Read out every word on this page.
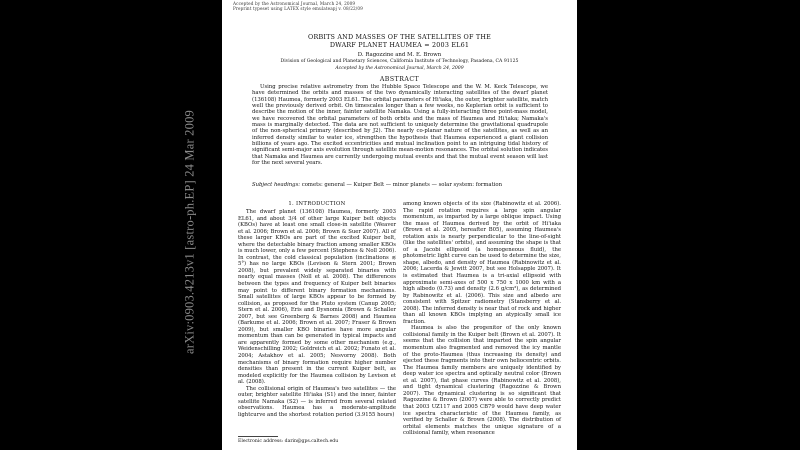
arXiv:0903.4213v1 [astro-ph.EP] 24 Mar 2009
Accepted by the Astronomical Journal, March 24, 2009
Preprint typeset using LATEX style emulateapj v. 08/22/09
ORBITS AND MASSES OF THE SATELLITES OF THE
DWARF PLANET HAUMEA = 2003 EL61
D. Ragozzine and M. E. Brown
Division of Geological and Planetary Sciences, California Institute of Technology, Pasadena, CA 91125
Accepted by the Astronomical Journal, March 24, 2009
ABSTRACT

Using precise relative astrometry from the Hubble Space Telescope and the W. M. Keck Telescope, we have determined the orbits and masses of the two dynamically interacting satellites of the dwarf planet (136108) Haumea, formerly 2003 EL61. The orbital parameters of Hi'iaka, the outer, brighter satellite, match well the previously derived orbit. On timescales longer than a few weeks, no Keplerian orbit is sufficient to describe the motion of the inner, fainter satellite Namaka. Using a fully-interacting three point-mass model, we have recovered the orbital parameters of both orbits and the mass of Haumea and Hi'iaka; Namaka's mass is marginally detected. The data are not sufficient to uniquely determine the gravitational quadrupole of the non-spherical primary (described by J2). The nearly co-planar nature of the satellites, as well as an inferred density similar to water ice, strengthen the hypothesis that Haumea experienced a giant collision billions of years ago. The excited eccentricities and mutual inclination point to an intriguing tidal history of significant semi-major axis evolution through satellite mean-motion resonances. The orbital solution indicates that Namaka and Haumea are currently undergoing mutual events and that the mutual event season will last for the next several years.

Subject headings: comets: general — Kuiper Belt — minor planets — solar system: formation
1. INTRODUCTION

The dwarf planet (136108) Haumea, formerly 2003 EL61, and about 3/4 of other large Kuiper belt objects (KBOs) have at least one small close-in satellite (Weaver et al. 2006; Brown et al. 2006; Brown & Suer 2007). All of these larger KBOs are part of the excited Kuiper belt, where the detectable binary fraction among smaller KBOs is much lower, only a few percent (Stephens & Noll 2006). In contrast, the cold classical population (inclinations ≲ 5°) has no large KBOs (Levison & Stern 2001; Brown 2008), but prevalent widely separated binaries with nearly equal masses (Noll et al. 2008). The differences between the types and frequency of Kuiper belt binaries may point to different binary formation mechanisms. Small satellites of large KBOs appear to be formed by collision, as proposed for the Pluto system (Canup 2005; Stern et al. 2006), Eris and Dysnomia (Brown & Schaller 2007, but see Greenberg & Barnes 2008) and Haumea (Barkume et al. 2006; Brown et al. 2007; Fraser & Brown 2009), but smaller KBO binaries have more angular momentum than can be generated in typical impacts and are apparently formed by some other mechanism (e.g., Weidenschilling 2002; Goldreich et al. 2002; Funato et al. 2004; Astakhov et al. 2005; Nesvorny 2008). Both mechanisms of binary formation require higher number densities than present in the current Kuiper belt, as modeled explicitly for the Haumea collision by Levison et al. (2008).

The collisional origin of Haumea's two satellites — the outer, brighter satellite Hi'iaka (S1) and the inner, fainter satellite Namaka (S2) — is inferred from several related observations. Haumea has a moderate-amplitude lightcurve and the shortest rotation period (3.9155 hours)

among known objects of its size (Rabinowitz et al. 2006). The rapid rotation requires a large spin angular momentum, as imparted by a large oblique impact. Using the mass of Haumea derived by the orbit of Hi'iaka (Brown et al. 2005, hereafter B05), assuming Haumea's rotation axis is nearly perpendicular to the line-of-sight (like the satellites' orbits), and assuming the shape is that of a Jacobi ellipsoid (a homogeneous fluid), the photometric light curve can be used to determine the size, shape, albedo, and density of Haumea (Rabinowitz et al. 2006; Lacerda & Jewitt 2007, but see Holsapple 2007). It is estimated that Haumea is a tri-axial ellipsoid with approximate semi-axes of 500 x 750 x 1000 km with a high albedo (0.73) and density (2.6 g/cm³), as determined by Rabinowitz et al. (2006). This size and albedo are consistent with Spitzer radiometry (Stansberry et al. 2008). The inferred density is near that of rock and higher than all known KBOs implying an atypically small ice fraction.

Haumea is also the progenitor of the only known collisional family in the Kuiper belt (Brown et al. 2007). It seems that the collision that imparted the spin angular momentum also fragmented and removed the icy mantle of the proto-Haumea (thus increasing its density) and ejected these fragments into their own heliocentric orbits. The Haumea family members are uniquely identified by deep water ice spectra and optically neutral color (Brown et al. 2007), flat phase curves (Rabinowitz et al. 2008), and tight dynamical clustering (Ragozzine & Brown 2007). The dynamical clustering is so significant that Ragozzine & Brown (2007) were able to correctly predict that 2003 UZ117 and 2005 CB79 would have deep water ice spectra characteristic of the Haumea family, as verified by Schaller & Brown (2008). The distribution of orbital elements matches the unique signature of a collisional family, when resonance

Electronic address: darin@gps.caltech.edu
